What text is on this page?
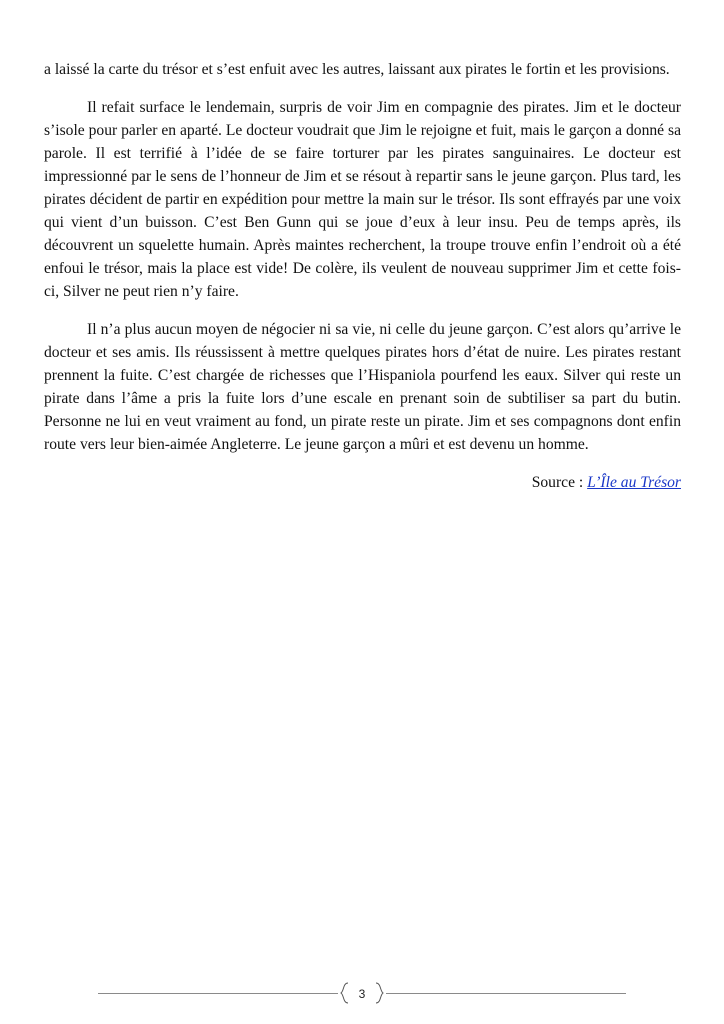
a laissé la carte du trésor et s’est enfuit avec les autres, laissant aux pirates le fortin et les provisions.

Il refait surface le lendemain, surpris de voir Jim en compagnie des pirates. Jim et le docteur s’isole pour parler en aparté. Le docteur voudrait que Jim le rejoigne et fuit, mais le garçon a donné sa parole. Il est terrifié à l’idée de se faire torturer par les pirates sanguinaires. Le docteur est impressionné par le sens de l’honneur de Jim et se résout à repartir sans le jeune garçon. Plus tard, les pirates décident de partir en expédition pour mettre la main sur le trésor. Ils sont effrayés par une voix qui vient d’un buisson. C’est Ben Gunn qui se joue d’eux à leur insu. Peu de temps après, ils découvrent un squelette humain. Après maintes recherchent, la troupe trouve enfin l’endroit où a été enfoui le trésor, mais la place est vide! De colère, ils veulent de nouveau supprimer Jim et cette fois-ci, Silver ne peut rien n’y faire.

Il n’a plus aucun moyen de négocier ni sa vie, ni celle du jeune garçon. C’est alors qu’arrive le docteur et ses amis. Ils réussissent à mettre quelques pirates hors d’état de nuire. Les pirates restant prennent la fuite. C’est chargée de richesses que l’Hispaniola pourfend les eaux. Silver qui reste un pirate dans l’âme a pris la fuite lors d’une escale en prenant soin de subtiliser sa part du butin. Personne ne lui en veut vraiment au fond, un pirate reste un pirate. Jim et ses compagnons dont enfin route vers leur bien-aimée Angleterre. Le jeune garçon a mûri et est devenu un homme.

Source : L’Île au Trésor

3
